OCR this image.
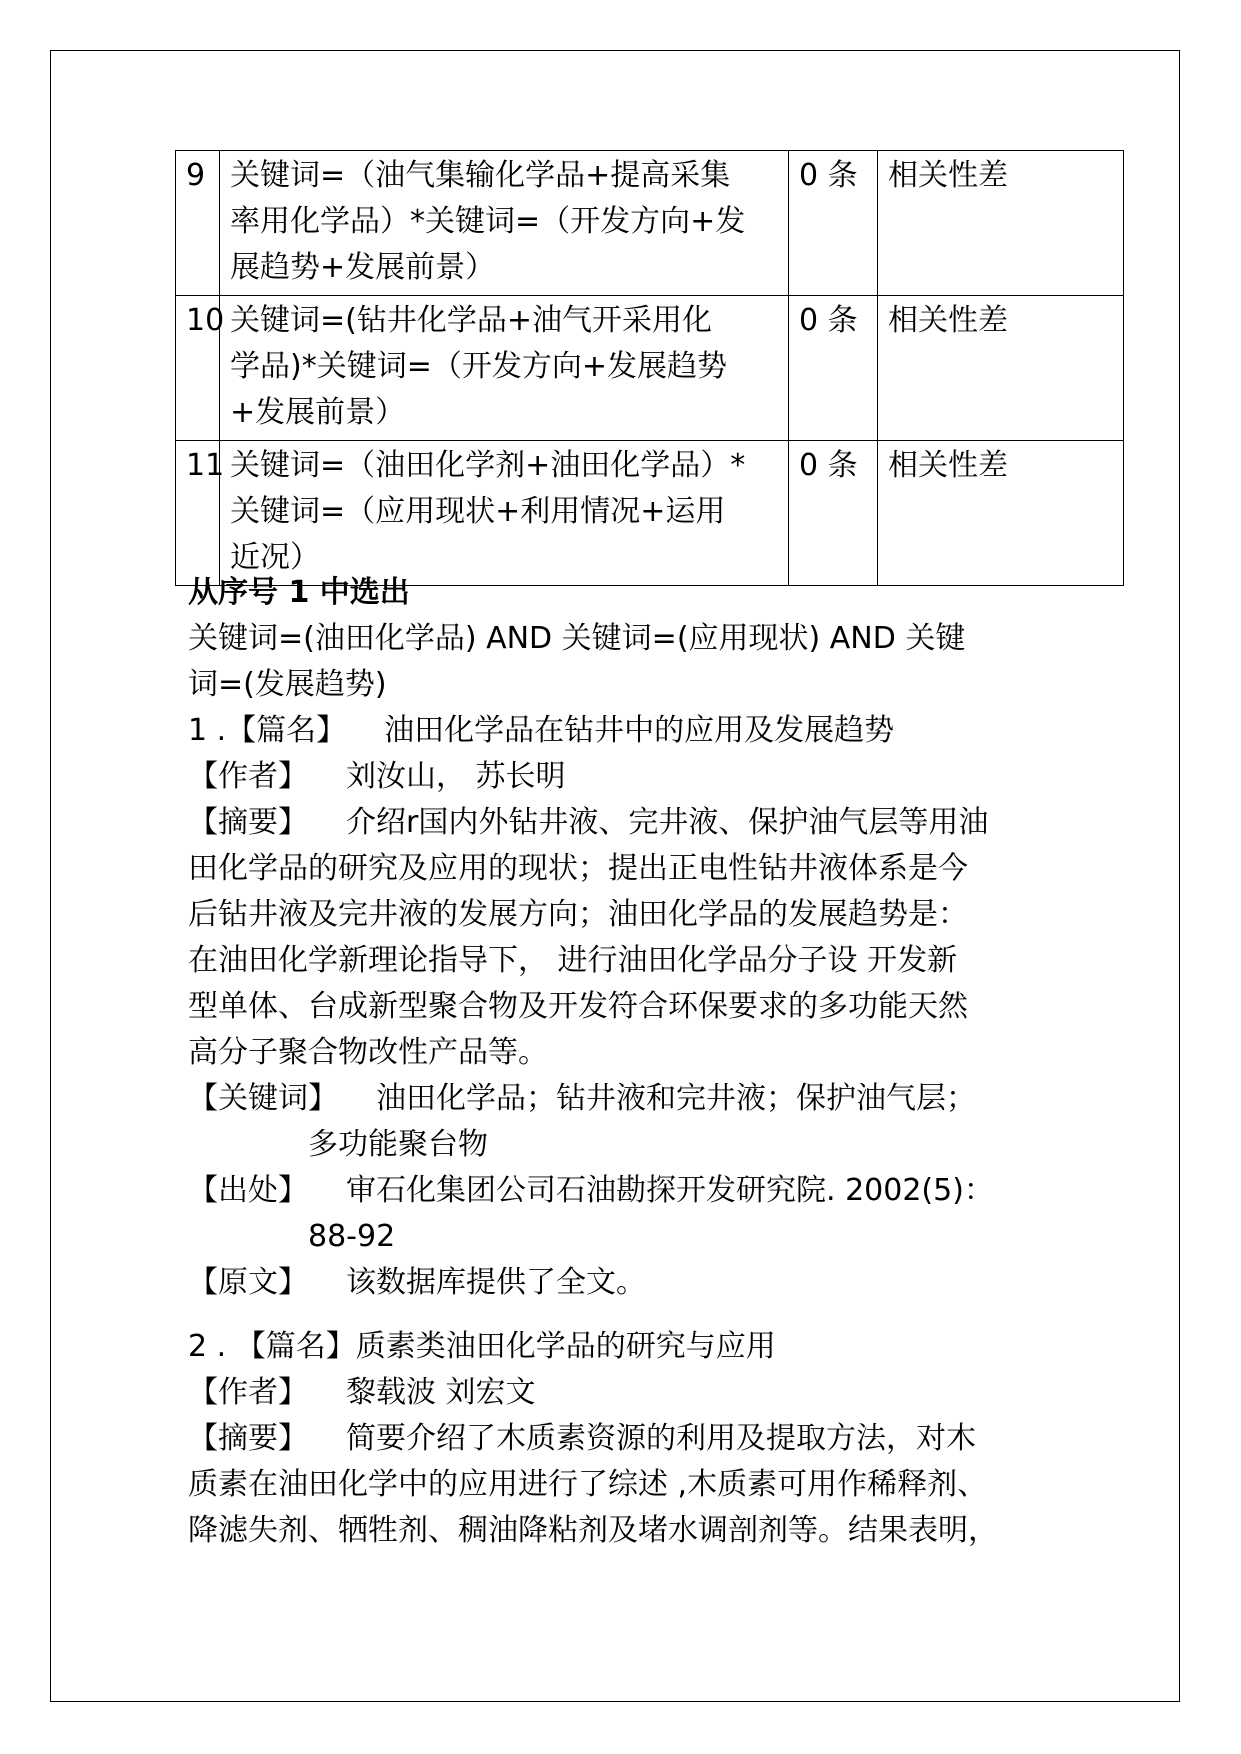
9	关键词=（油气集输化学品+提高采集
率用化学品）*关键词=（开发方向+发
展趋势+发展前景）	0 条	相关性差
10	关键词=(钻井化学品+油气开采用化
学品)*关键词=（开发方向+发展趋势
+发展前景）	0 条	相关性差
11	关键词=（油田化学剂+油田化学品）*
关键词=（应用现状+利用情况+运用
近况）	0 条	相关性差
从序号 1 中选出
关键词=(油田化学品) AND 关键词=(应用现状) AND 关键
词=(发展趋势)
1 .【篇名】 油田化学品在钻井中的应用及发展趋势
【作者】 刘汝山， 苏长明
【摘要】 介绍r国内外钻井液、完井液、保护油气层等用油
田化学品的研究及应用的现状；提出正电性钻井液体系是今
后钻井液及完井液的发展方向；油田化学品的发展趋势是：
在油田化学新理论指导下， 进行油田化学品分子设 开发新
型单体、台成新型聚合物及开发符合环保要求的多功能天然
高分子聚合物改性产品等。
【关键词】 油田化学品；钻井液和完井液；保护油气层；
多功能聚台物
【出处】 审石化集团公司石油勘探开发研究院. 2002(5)：
88-92
【原文】 该数据库提供了全文。
2 . 【篇名】质素类油田化学品的研究与应用
【作者】 黎载波 刘宏文
【摘要】 简要介绍了木质素资源的利用及提取方法，对木
质素在油田化学中的应用进行了综述 ,木质素可用作稀释剂、
降滤失剂、牺牲剂、稠油降粘剂及堵水调剖剂等。结果表明，
